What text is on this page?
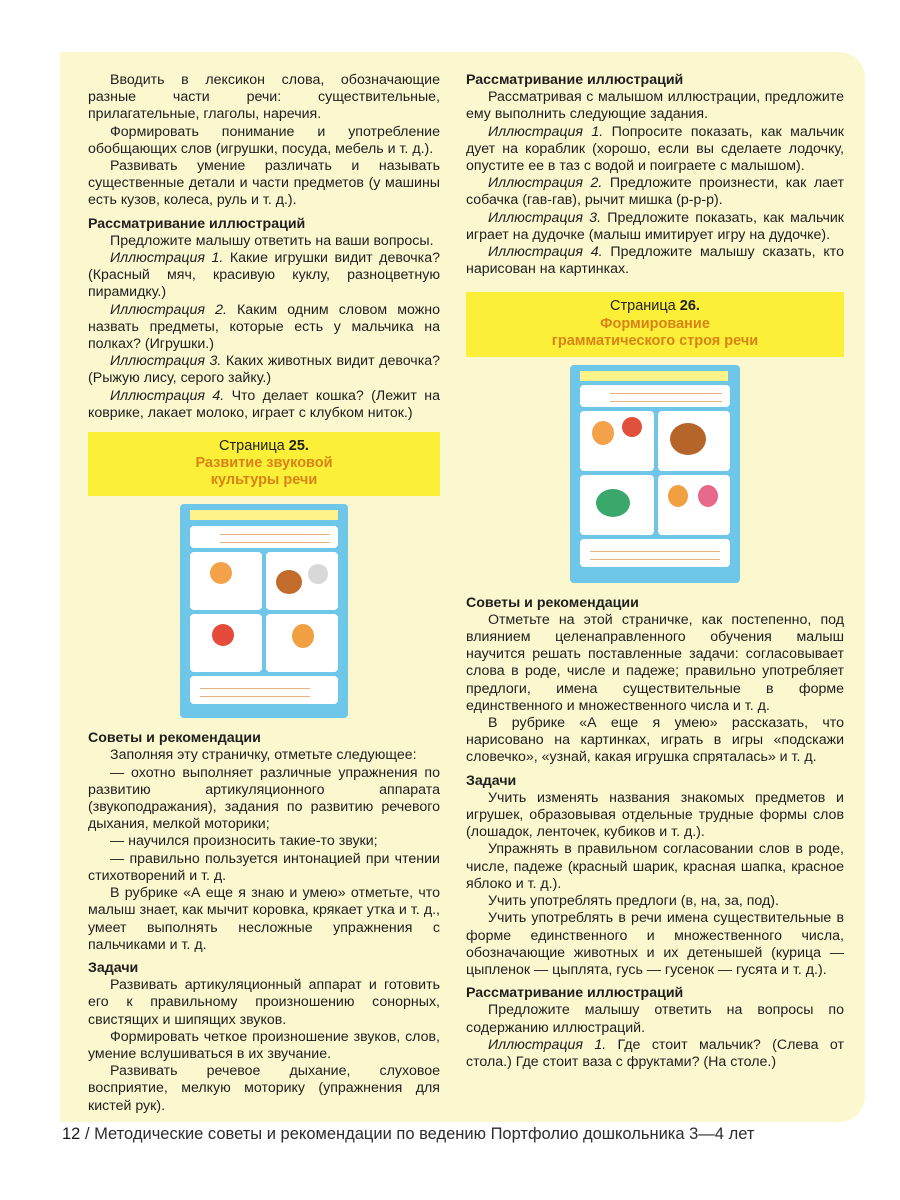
Вводить в лексикон слова, обозначающие разные части речи: существительные, прилагательные, глаголы, наречия.

Формировать понимание и употребление обобщающих слов (игрушки, посуда, мебель и т. д.).

Развивать умение различать и называть существенные детали и части предметов (у машины есть кузов, колеса, руль и т. д.).

Рассматривание иллюстраций

Предложите малышу ответить на ваши вопросы.

Иллюстрация 1. Какие игрушки видит девочка? (Красный мяч, красивую куклу, разноцветную пирамидку.)

Иллюстрация 2. Каким одним словом можно назвать предметы, которые есть у мальчика на полках? (Игрушки.)

Иллюстрация 3. Каких животных видит девочка? (Рыжую лису, серого зайку.)

Иллюстрация 4. Что делает кошка? (Лежит на коврике, лакает молоко, играет с клубком ниток.)

Страница 25.
Развитие звуковой
культуры речи
Советы и рекомендации

Заполняя эту страничку, отметьте следующее:

— охотно выполняет различные упражнения по развитию артикуляционного аппарата (звукоподражания), задания по развитию речевого дыхания, мелкой моторики;

— научился произносить такие-то звуки;

— правильно пользуется интонацией при чтении стихотворений и т. д.

В рубрике «А еще я знаю и умею» отметьте, что малыш знает, как мычит коровка, крякает утка и т. д., умеет выполнять несложные упражнения с пальчиками и т. д.

Задачи

Развивать артикуляционный аппарат и готовить его к правильному произношению сонорных, свистящих и шипящих звуков.

Формировать четкое произношение звуков, слов, умение вслушиваться в их звучание.

Развивать речевое дыхание, слуховое восприятие, мелкую моторику (упражнения для кистей рук).

Рассматривание иллюстраций

Рассматривая с малышом иллюстрации, предложите ему выполнить следующие задания.

Иллюстрация 1. Попросите показать, как мальчик дует на кораблик (хорошо, если вы сделаете лодочку, опустите ее в таз с водой и поиграете с малышом).

Иллюстрация 2. Предложите произнести, как лает собачка (гав-гав), рычит мишка (р-р-р).

Иллюстрация 3. Предложите показать, как мальчик играет на дудочке (малыш имитирует игру на дудочке).

Иллюстрация 4. Предложите малышу сказать, кто нарисован на картинках.

Страница 26.
Формирование
грамматического строя речи
Советы и рекомендации

Отметьте на этой страничке, как постепенно, под влиянием целенаправленного обучения малыш научится решать поставленные задачи: согласовывает слова в роде, числе и падеже; правильно употребляет предлоги, имена существительные в форме единственного и множественного числа и т. д.

В рубрике «А еще я умею» рассказать, что нарисовано на картинках, играть в игры «подскажи словечко», «узнай, какая игрушка спряталась» и т. д.

Задачи

Учить изменять названия знакомых предметов и игрушек, образовывая отдельные трудные формы слов (лошадок, ленточек, кубиков и т. д.).

Упражнять в правильном согласовании слов в роде, числе, падеже (красный шарик, красная шапка, красное яблоко и т. д.).

Учить употреблять предлоги (в, на, за, под).

Учить употреблять в речи имена существительные в форме единственного и множественного числа, обозначающие животных и их детенышей (курица — цыпленок — цыплята, гусь — гусенок — гусята и т. д.).

Рассматривание иллюстраций

Предложите малышу ответить на вопросы по содержанию иллюстраций.

Иллюстрация 1. Где стоит мальчик? (Слева от стола.) Где стоит ваза с фруктами? (На столе.)

12 / Методические советы и рекомендации по ведению Портфолио дошкольника 3—4 лет
